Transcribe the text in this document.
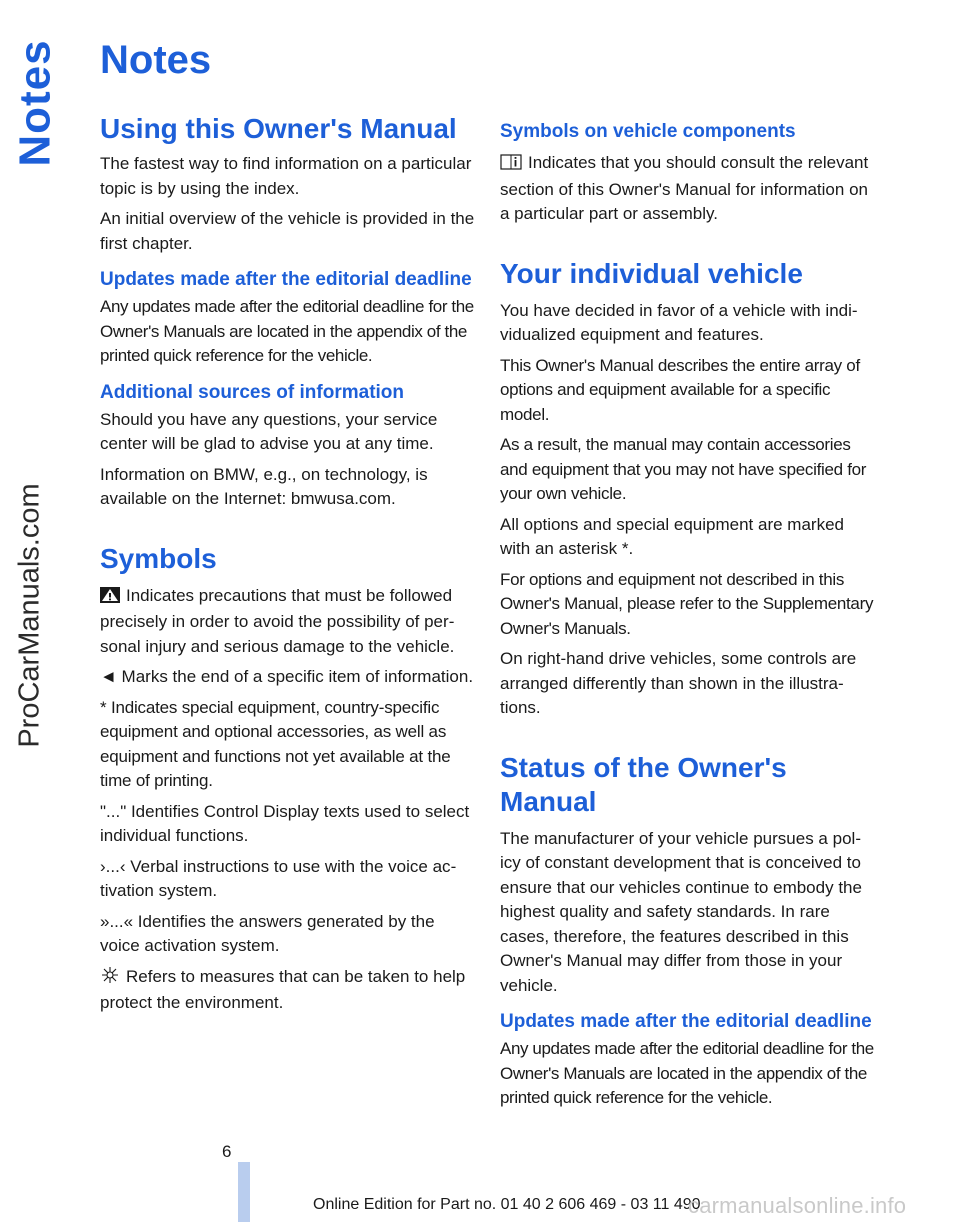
Notes
ProCarManuals.com
Notes
Using this Owner's Manual

The fastest way to find information on a particular topic is by using the index.

An initial overview of the vehicle is provided in the first chapter.

Updates made after the editorial deadline

Any updates made after the editorial deadline for the Owner's Manuals are located in the appendix of the printed quick reference for the vehicle.

Additional sources of information

Should you have any questions, your service center will be glad to advise you at any time.

Information on BMW, e.g., on technology, is available on the Internet: bmwusa.com.

Symbols

Indicates precautions that must be followed precisely in order to avoid the possibility of personal injury and serious damage to the vehicle.

◄ Marks the end of a specific item of information.

* Indicates special equipment, country-specific equipment and optional accessories, as well as equipment and functions not yet available at the time of printing.

"..." Identifies Control Display texts used to select individual functions.

›...‹ Verbal instructions to use with the voice activation system.

»...« Identifies the answers generated by the voice activation system.

Refers to measures that can be taken to help protect the environment.

Symbols on vehicle components

Indicates that you should consult the relevant section of this Owner's Manual for information on a particular part or assembly.

Your individual vehicle

You have decided in favor of a vehicle with individualized equipment and features.

This Owner's Manual describes the entire array of options and equipment available for a specific model.

As a result, the manual may contain accessories and equipment that you may not have specified for your own vehicle.

All options and special equipment are marked with an asterisk *.

For options and equipment not described in this Owner's Manual, please refer to the Supplementary Owner's Manuals.

On right-hand drive vehicles, some controls are arranged differently than shown in the illustrations.

Status of the Owner's Manual

The manufacturer of your vehicle pursues a policy of constant development that is conceived to ensure that our vehicles continue to embody the highest quality and safety standards. In rare cases, therefore, the features described in this Owner's Manual may differ from those in your vehicle.

Updates made after the editorial deadline

Any updates made after the editorial deadline for the Owner's Manuals are located in the appendix of the printed quick reference for the vehicle.

6
Online Edition for Part no. 01 40 2 606 469 - 03 11 490
carmanualsonline.info
